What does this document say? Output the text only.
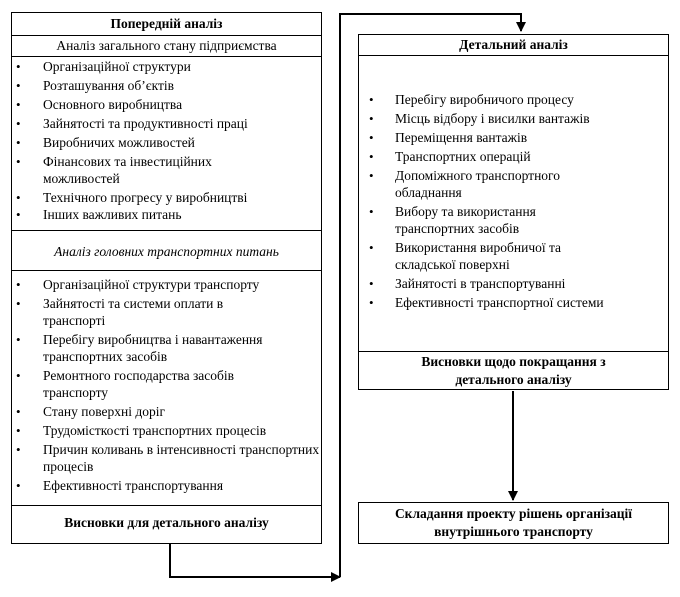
Попередній аналіз
Аналіз загального стану підприємства
• Організаційної структури
• Розташування об’єктів
• Основного виробництва
• Зайнятості та продуктивності праці
• Виробничих можливостей
• Фінансових та інвестиційних можливостей
• Технічного прогресу у виробництві
• Інших важливих питань
Аналіз головних транспортних питань
• Організаційної структури транспорту
• Зайнятості та системи оплати в транспорті
• Перебігу виробництва і навантаження транспортних засобів
• Ремонтного господарства засобів транспорту
• Стану поверхні доріг
• Трудомісткості транспортних процесів
• Причин коливань в інтенсивності транспортних процесів
• Ефективності транспортування
Висновки для детального аналізу
Детальний аналіз
• Перебігу виробничого процесу
• Місць відбору і висилки вантажів
• Переміщення вантажів
• Транспортних операцій
• Допоміжного транспортного обладнання
• Вибору та використання транспортних засобів
• Використання виробничої та складської поверхні
• Зайнятості в транспортуванні
• Ефективності транспортної системи
Висновки щодо покращання з детального аналізу
Складання проекту рішень організації внутрішнього транспорту
